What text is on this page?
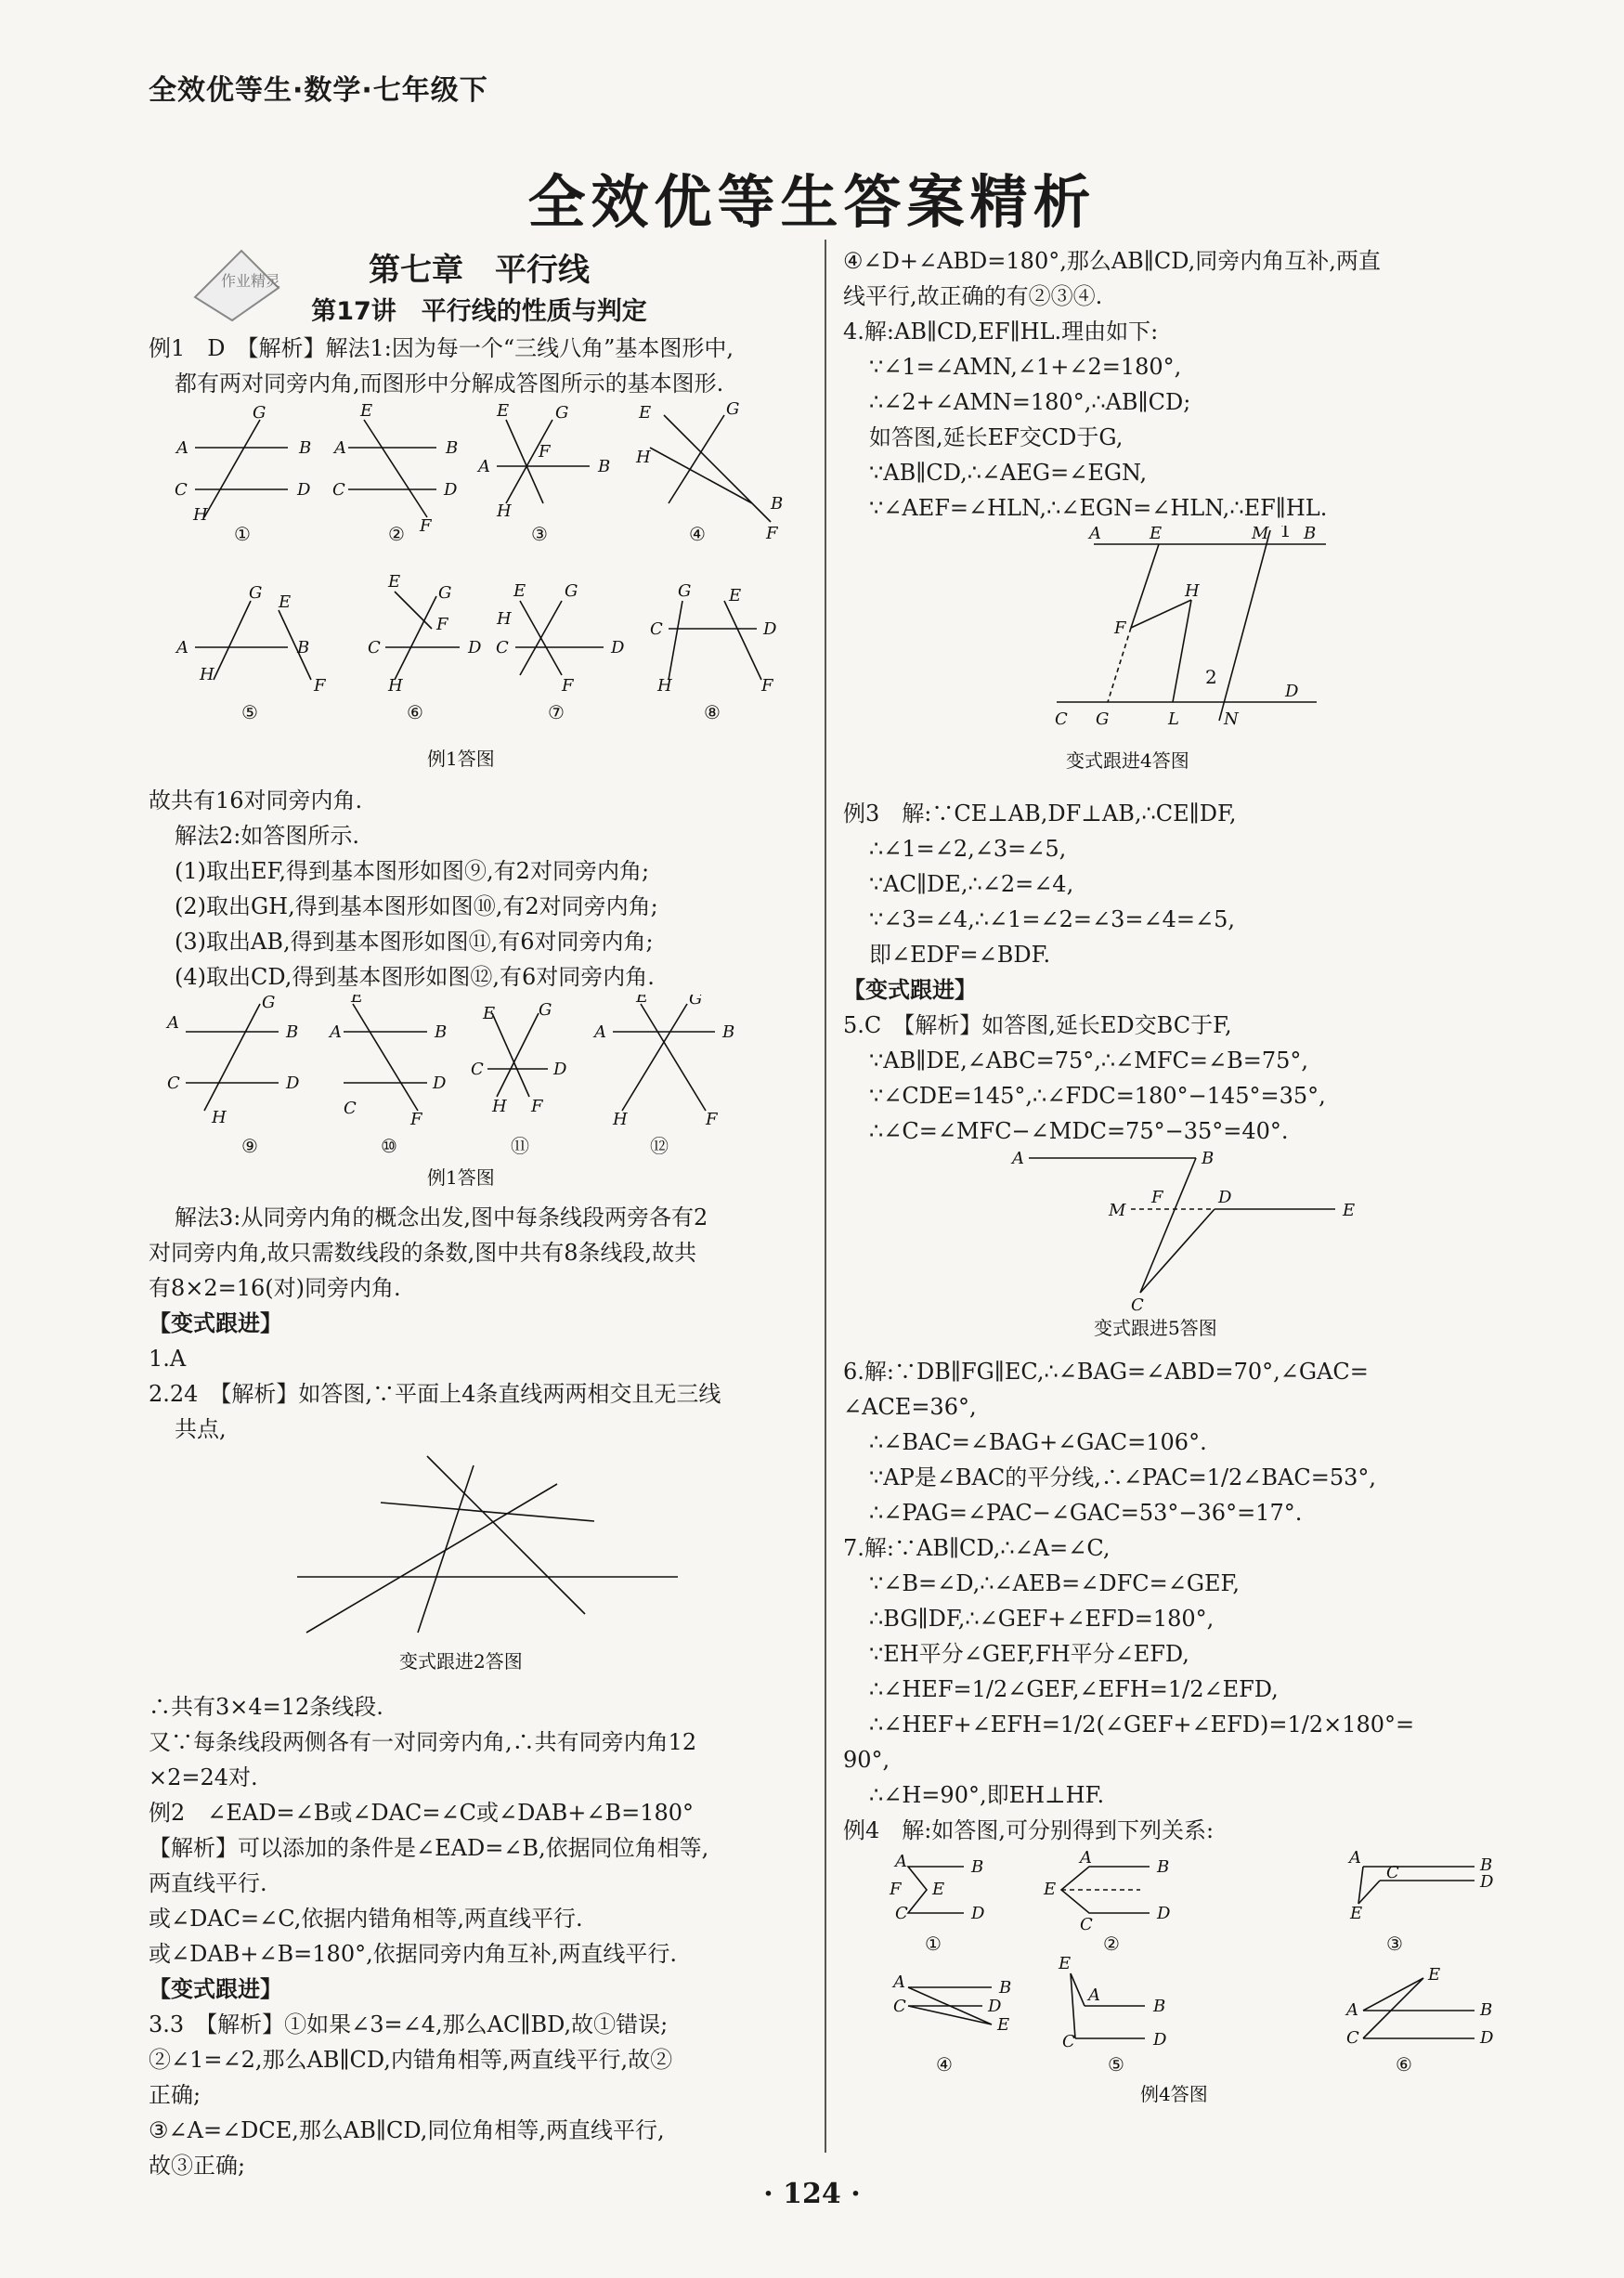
全效优等生·数学·七年级下
全效优等生答案精析
作业精灵	第七章　平行线
第17讲　平行线的性质与判定
例1　D　【解析】解法1:因为每一个“三线八角”基本图形中,
都有两对同旁内角,而图形中分解成答图所示的基本图形.
A	B
C	D
G
H
①
A	B
C	D
E
F
②
A	B
E	G
F
H
③
E	G
H
B
F
④
A	B
G E
H
F
⑤
E
G
F
C	D
H
⑥
E G
H
D
F
C
⑦
G E
C	D
H	F
⑧
例1答图
故共有16对同旁内角.
解法2:如答图所示.
(1)取出EF,得到基本图形如图⑨,有2对同旁内角;
(2)取出GH,得到基本图形如图⑩,有2对同旁内角;
(3)取出AB,得到基本图形如图⑪,有6对同旁内角;
(4)取出CD,得到基本图形如图⑫,有6对同旁内角.
A	B
C	D
G
H
⑨
A	B
C
D
E
F
⑩
E	G
C	D
H F
⑪
E G
A	B
H	F
⑫
例1答图
解法3:从同旁内角的概念出发,图中每条线段两旁各有2
对同旁内角,故只需数线段的条数,图中共有8条线段,故共
有8×2=16(对)同旁内角.
【变式跟进】
1.A
2.24　【解析】如答图,∵平面上4条直线两两相交且无三线
共点,
变式跟进2答图
∴共有3×4=12条线段.
又∵每条线段两侧各有一对同旁内角,∴共有同旁内角12
×2=24对.
例2　∠EAD=∠B或∠DAC=∠C或∠DAB+∠B=180°
【解析】可以添加的条件是∠EAD=∠B,依据同位角相等,
两直线平行.
或∠DAC=∠C,依据内错角相等,两直线平行.
或∠DAB+∠B=180°,依据同旁内角互补,两直线平行.
【变式跟进】
3.3　【解析】①如果∠3=∠4,那么AC∥BD,故①错误;
②∠1=∠2,那么AB∥CD,内错角相等,两直线平行,故②
正确;
③∠A=∠DCE,那么AB∥CD,同位角相等,两直线平行,
故③正确;
④∠D+∠ABD=180°,那么AB∥CD,同旁内角互补,两直
线平行,故正确的有②③④.
4.解:AB∥CD,EF∥HL.理由如下:
∵∠1=∠AMN,∠1+∠2=180°,
∴∠2+∠AMN=180°,∴AB∥CD;
如答图,延长EF交CD于G,
∵AB∥CD,∴∠AEG=∠EGN,
∵∠AEF=∠HLN,∴∠EGN=∠HLN,∴EF∥HL.
A	E	M 1 B
H
F
2
D
C G	L	N
变式跟进4答图
例3　解:∵CE⊥AB,DF⊥AB,∴CE∥DF,
∴∠1=∠2,∠3=∠5,
∵AC∥DE,∴∠2=∠4,
∵∠3=∠4,∴∠1=∠2=∠3=∠4=∠5,
即∠EDF=∠BDF.
【变式跟进】
5.C　【解析】如答图,延长ED交BC于F,
∵AB∥DE,∠ABC=75°,∴∠MFC=∠B=75°,
∵∠CDE=145°,∴∠FDC=180°−145°=35°,
∴∠C=∠MFC−∠MDC=75°−35°=40°.
A	B
M
F	D
E
C
变式跟进5答图
6.解:∵DB∥FG∥EC,∴∠BAG=∠ABD=70°,∠GAC=
∠ACE=36°,
∴∠BAC=∠BAG+∠GAC=106°.
∵AP是∠BAC的平分线,∴∠PAC=1/2∠BAC=53°,
∴∠PAG=∠PAC−∠GAC=53°−36°=17°.
7.解:∵AB∥CD,∴∠A=∠C,
∵∠B=∠D,∴∠AEB=∠DFC=∠GEF,
∴BG∥DF,∴∠GEF+∠EFD=180°,
∵EH平分∠GEF,FH平分∠EFD,
∴∠HEF=1/2∠GEF,∠EFH=1/2∠EFD,
∴∠HEF+∠EFH=1/2(∠GEF+∠EFD)=1/2×180°=
90°,
∴∠H=90°,即EH⊥HF.
例4　解:如答图,可分别得到下列关系:
A	B
F E
C	D
①
A	B
E
C
D
②
A
C	B
D
E
③
A	B
C	D
E
④
E
A
B
C	D
⑤
E
A	B
C	D
⑥
例4答图
· 124 ·
